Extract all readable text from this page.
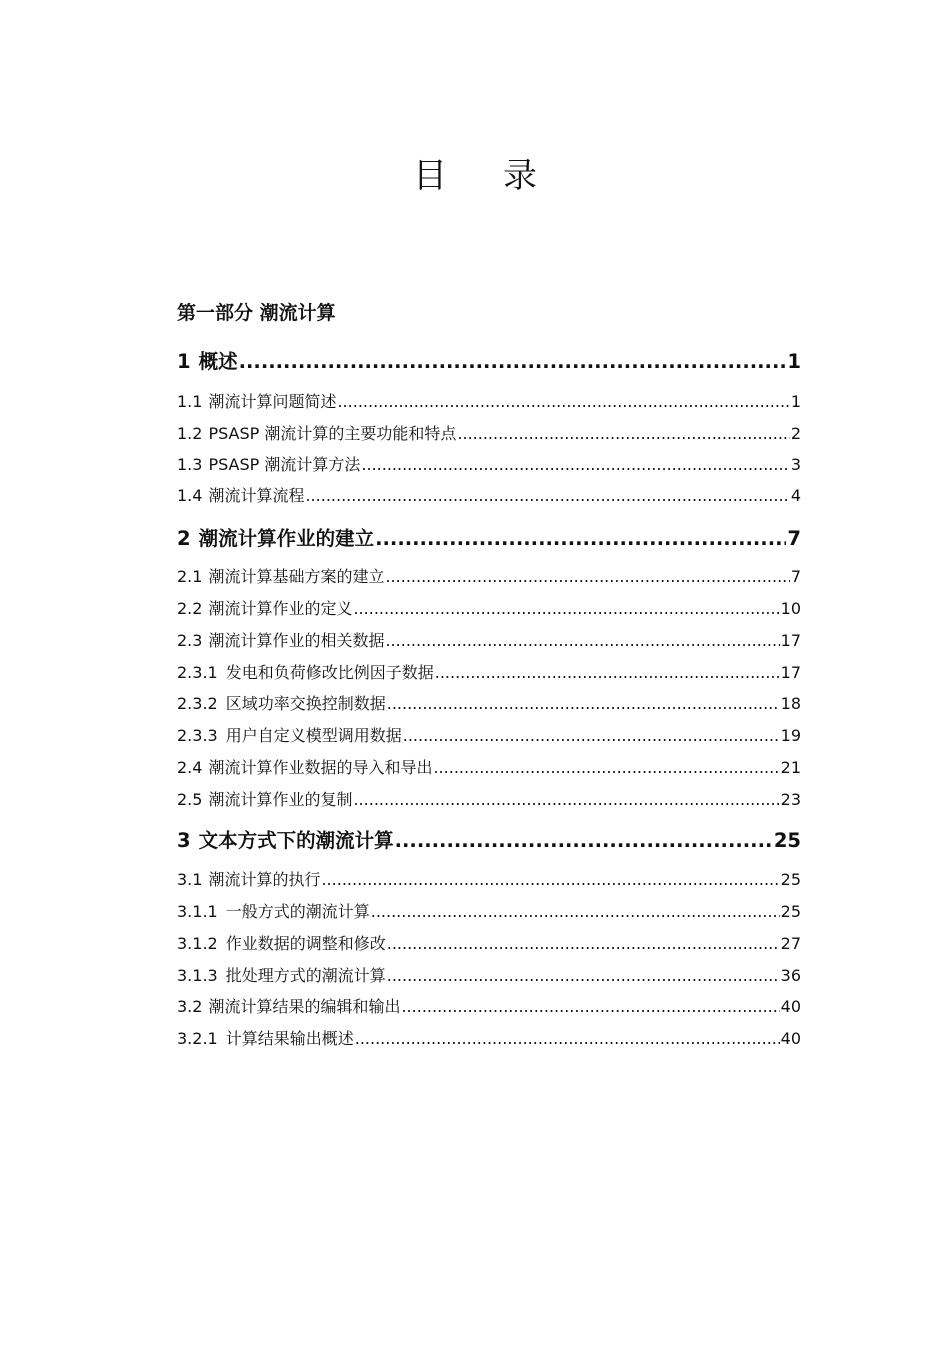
目 录
第一部分 潮流计算
1 概述 .....	1
1.1 潮流计算问题简述 .....	1
1.2 PSASP 潮流计算的主要功能和特点 .....	2
1.3 PSASP 潮流计算方法 .....	3
1.4 潮流计算流程 .....	4
2 潮流计算作业的建立 .....	7
2.1 潮流计算基础方案的建立 .....	7
2.2 潮流计算作业的定义 .....	10
2.3 潮流计算作业的相关数据 .....	17
2.3.1 发电和负荷修改比例因子数据 .....	17
2.3.2 区域功率交换控制数据 .....	18
2.3.3 用户自定义模型调用数据 .....	19
2.4 潮流计算作业数据的导入和导出 .....	21
2.5 潮流计算作业的复制 .....	23
3 文本方式下的潮流计算 .....	25
3.1 潮流计算的执行 .....	25
3.1.1 一般方式的潮流计算 .....	25
3.1.2 作业数据的调整和修改 .....	27
3.1.3 批处理方式的潮流计算 .....	36
3.2 潮流计算结果的编辑和输出 .....	40
3.2.1 计算结果输出概述 .....	40
